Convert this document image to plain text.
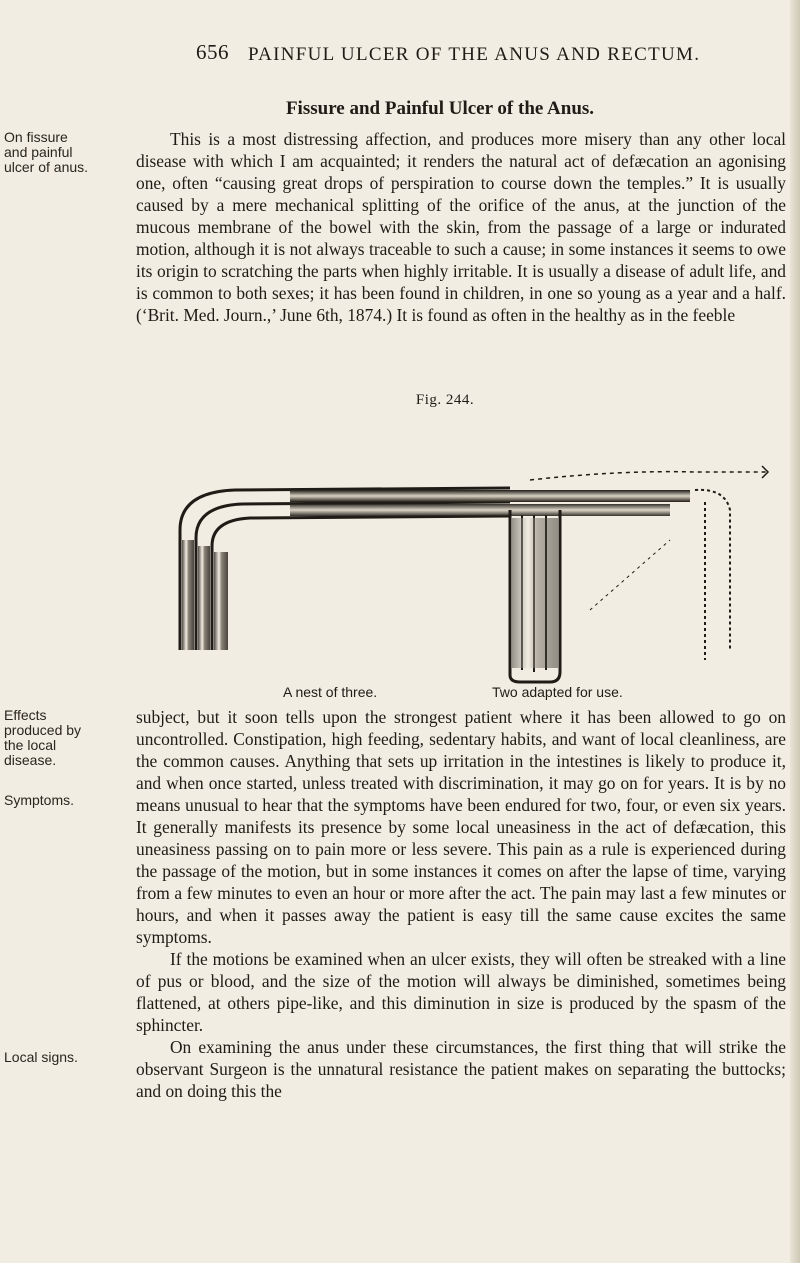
656 PAINFUL ULCER OF THE ANUS AND RECTUM.
Fissure and Painful Ulcer of the Anus.
On fissure and painful ulcer of anus.

This is a most distressing affection, and produces more misery than any other local disease with which I am acquainted; it renders the natural act of defæcation an agonising one, often “causing great drops of perspiration to course down the temples.” It is usually caused by a mere mechanical splitting of the orifice of the anus, at the junction of the mucous membrane of the bowel with the skin, from the passage of a large or indurated motion, although it is not always traceable to such a cause; in some instances it seems to owe its origin to scratching the parts when highly irritable. It is usually a disease of adult life, and is common to both sexes; it has been found in children, in one so young as a year and a half. (‘Brit. Med. Journ.,’ June 6th, 1874.) It is found as often in the healthy as in the feeble

Fig. 244.
A nest of three.	Two adapted for use.
Effects produced by the local disease.
Symptoms.
Local signs.

subject, but it soon tells upon the strongest patient where it has been allowed to go on uncontrolled. Constipation, high feeding, sedentary habits, and want of local cleanliness, are the common causes. Anything that sets up irritation in the intestines is likely to produce it, and when once started, unless treated with discrimination, it may go on for years. It is by no means unusual to hear that the symptoms have been endured for two, four, or even six years. It generally manifests its presence by some local uneasiness in the act of defæcation, this uneasiness passing on to pain more or less severe. This pain as a rule is experienced during the passage of the motion, but in some instances it comes on after the lapse of time, varying from a few minutes to even an hour or more after the act. The pain may last a few minutes or hours, and when it passes away the patient is easy till the same cause excites the same symptoms.

If the motions be examined when an ulcer exists, they will often be streaked with a line of pus or blood, and the size of the motion will always be diminished, sometimes being flattened, at others pipe-like, and this diminution in size is produced by the spasm of the sphincter.

On examining the anus under these circumstances, the first thing that will strike the observant Surgeon is the unnatural resistance the patient makes on separating the buttocks; and on doing this the
